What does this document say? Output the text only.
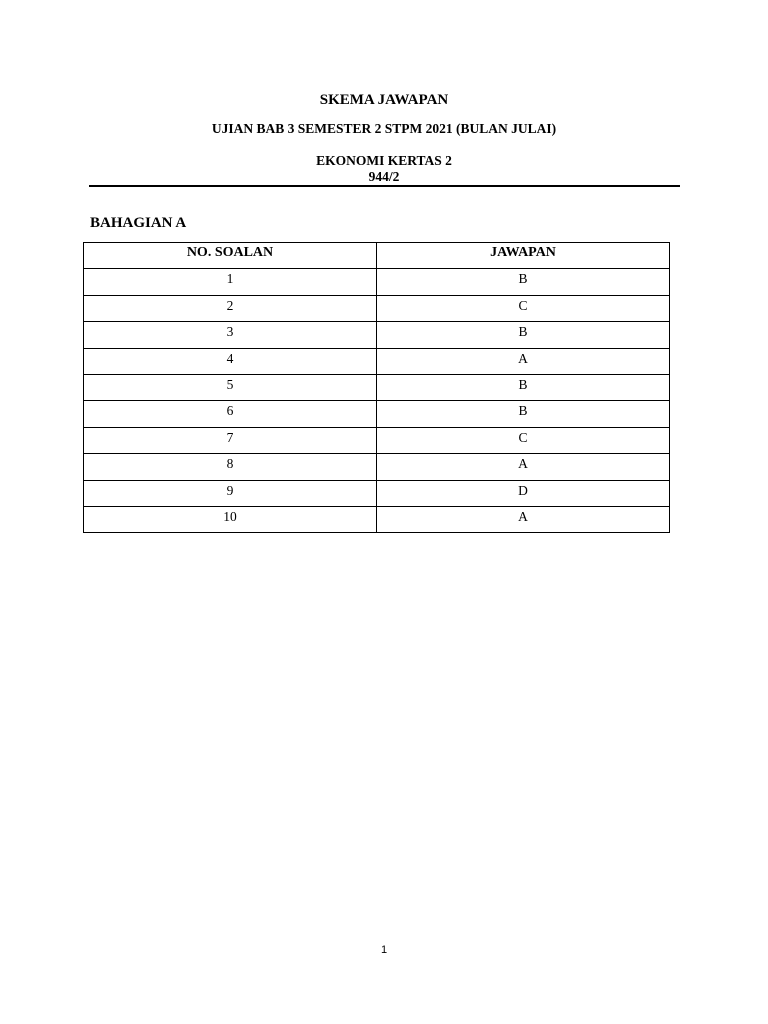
SKEMA JAWAPAN
UJIAN BAB 3 SEMESTER 2 STPM 2021 (BULAN JULAI)
EKONOMI KERTAS 2
944/2
BAHAGIAN A
NO. SOALAN	JAWAPAN
1	B
2	C
3	B
4	A
5	B
6	B
7	C
8	A
9	D
10	A
1
